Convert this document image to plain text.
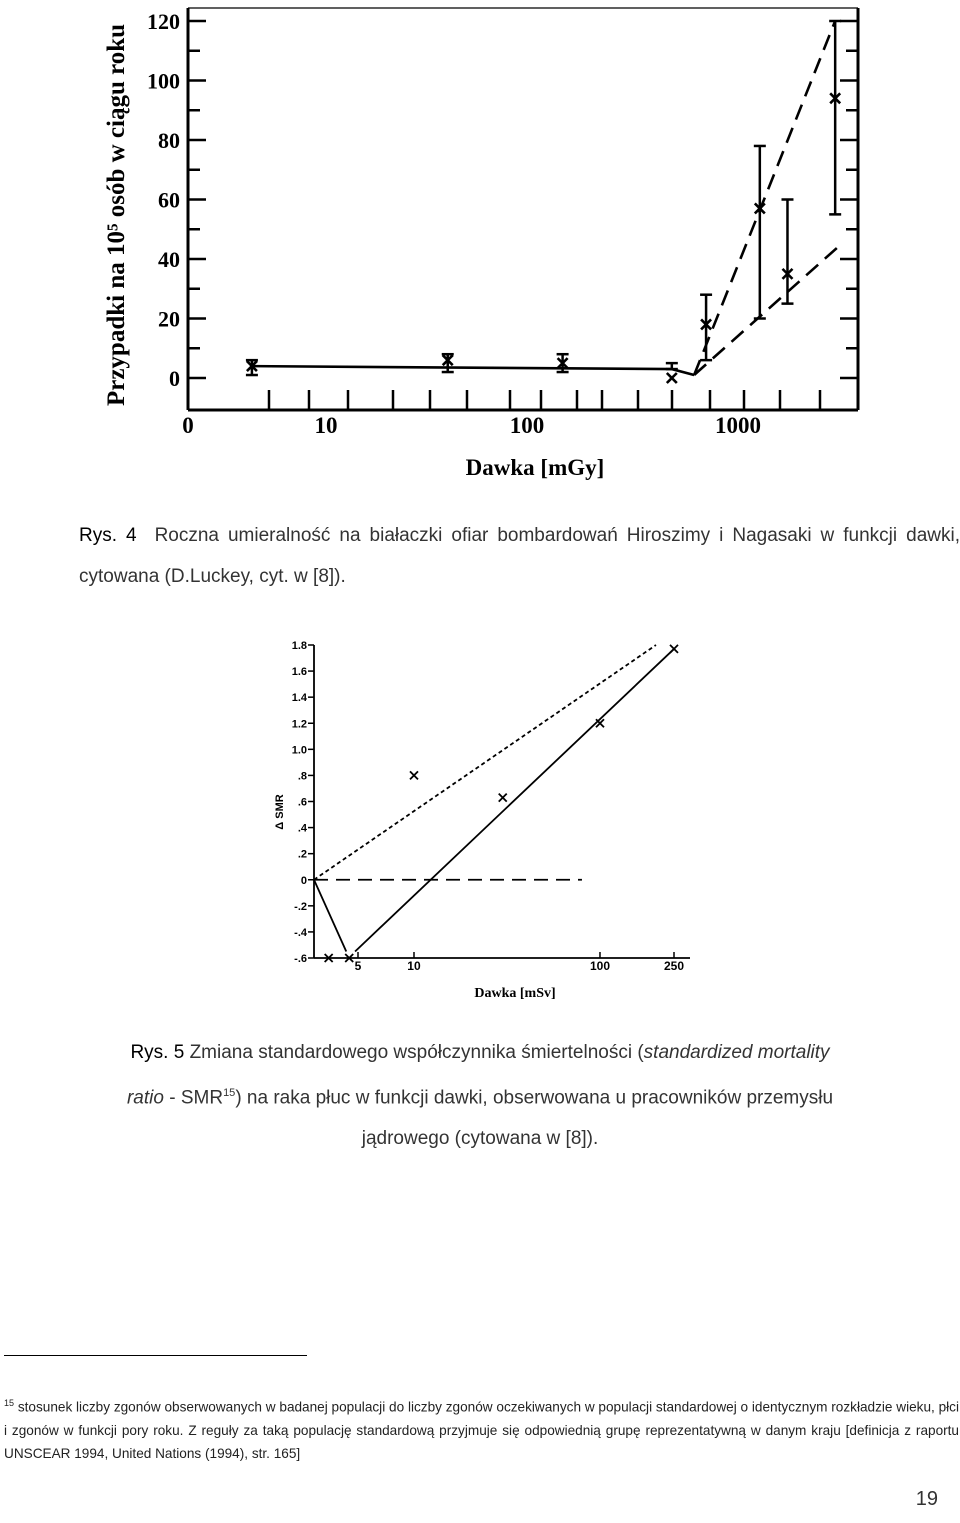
0
20
40
60
80
100
120
0	10	100	1000
Przypadki na 10⁵ osób w ciągu roku
Dawka [mGy]
Rys. 4 Roczna umieralność na białaczki ofiar bombardowań Hiroszimy i Nagasaki w funkcji dawki, cytowana (D.Luckey, cyt. w [8]).
1.8
1.6
1.4
1.2
1.0
.8
.6
.4
.2
0
-.2
-.4
-.6	5	10	100	250
Δ SMR
Dawka [mSv]
Rys. 5 Zmiana standardowego współczynnika śmiertelności (standardized mortality ratio - SMR$^{15}$) na raka płuc w funkcji dawki, obserwowana u pracowników przemysłu jądrowego (cytowana w [8]).
$^{15}$ stosunek liczby zgonów obserwowanych w badanej populacji do liczby zgonów oczekiwanych w populacji standardowej o identycznym rozkładzie wieku, płci i zgonów w funkcji pory roku. Z reguły za taką populację standardową przyjmuje się odpowiednią grupę reprezentatywną w danym kraju [definicja z raportu UNSCEAR 1994, United Nations (1994), str. 165]
19
